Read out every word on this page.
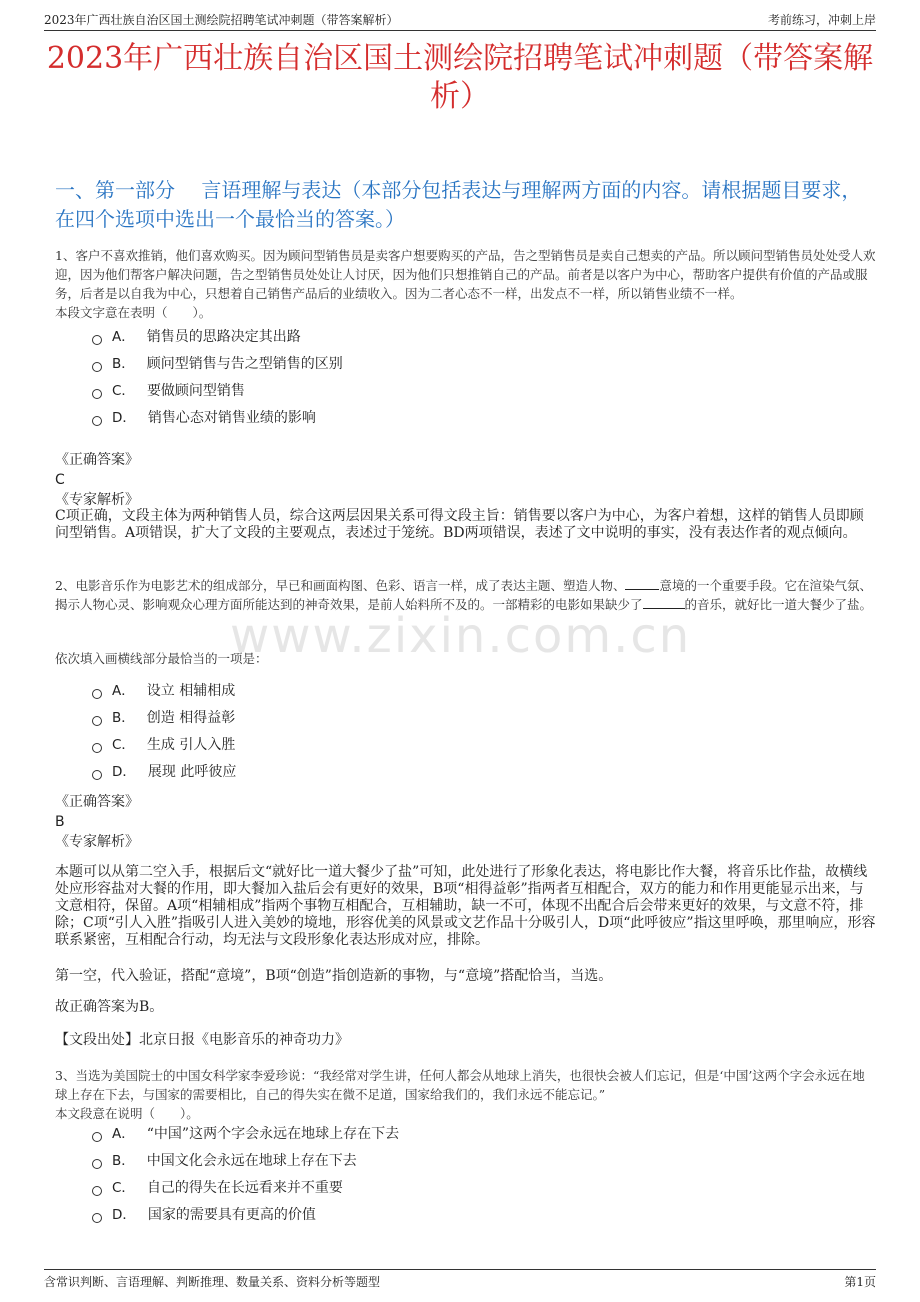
2023年广西壮族自治区国土测绘院招聘笔试冲刺题（带答案解析）	考前练习，冲刺上岸
2023年广西壮族自治区国土测绘院招聘笔试冲刺题（带答案解析）
一、第一部分　 言语理解与表达（本部分包括表达与理解两方面的内容。请根据题目要求，在四个选项中选出一个最恰当的答案。）
www.zixin.com.cn
1、客户不喜欢推销，他们喜欢购买。因为顾问型销售员是卖客户想要购买的产品，告之型销售员是卖自己想卖的产品。所以顾问型销售员处处受人欢迎，因为他们帮客户解决问题，告之型销售员处处让人讨厌，因为他们只想推销自己的产品。前者是以客户为中心，帮助客户提供有价值的产品或服务，后者是以自我为中心，只想着自己销售产品后的业绩收入。因为二者心态不一样，出发点不一样，所以销售业绩不一样。
本段文字意在表明（　　）。
A． 销售员的思路决定其出路
B． 顾问型销售与告之型销售的区别
C． 要做顾问型销售
D． 销售心态对销售业绩的影响
《正确答案》
C
《专家解析》
C项正确，文段主体为两种销售人员，综合这两层因果关系可得文段主旨：销售要以客户为中心，为客户着想，这样的销售人员即顾问型销售。A项错误，扩大了文段的主要观点，表述过于笼统。BD两项错误，表述了文中说明的事实，没有表达作者的观点倾向。
2、电影音乐作为电影艺术的组成部分，早已和画面构图、色彩、语言一样，成了表达主题、塑造人物、	意境的一个重要手段。它在渲染气氛、揭示人物心灵、影响观众心理方面所能达到的神奇效果，是前人始料所不及的。一部精彩的电影如果缺少了	的音乐，就好比一道大餐少了盐。
依次填入画横线部分最恰当的一项是：
A． 设立 相辅相成
B． 创造 相得益彰
C． 生成 引人入胜
D． 展现 此呼彼应
《正确答案》
B
《专家解析》
本题可以从第二空入手，根据后文“就好比一道大餐少了盐”可知，此处进行了形象化表达，将电影比作大餐，将音乐比作盐，故横线处应形容盐对大餐的作用，即大餐加入盐后会有更好的效果，B项“相得益彰”指两者互相配合，双方的能力和作用更能显示出来，与文意相符，保留。A项“相辅相成”指两个事物互相配合，互相辅助，缺一不可，体现不出配合后会带来更好的效果，与文意不符，排除；C项“引人入胜”指吸引人进入美妙的境地，形容优美的风景或文艺作品十分吸引人，D项“此呼彼应”指这里呼唤，那里响应，形容联系紧密，互相配合行动，均无法与文段形象化表达形成对应，排除。
第一空，代入验证，搭配“意境”，B项“创造”指创造新的事物，与“意境”搭配恰当，当选。
故正确答案为B。
【文段出处】北京日报《电影音乐的神奇功力》
3、当选为美国院士的中国女科学家李爱珍说：“我经常对学生讲，任何人都会从地球上消失，也很快会被人们忘记，但是‘中国’这两个字会永远在地球上存在下去，与国家的需要相比，自己的得失实在微不足道，国家给我们的，我们永远不能忘记。”
本文段意在说明（　　）。
A． “中国”这两个字会永远在地球上存在下去
B． 中国文化会永远在地球上存在下去
C． 自己的得失在长远看来并不重要
D． 国家的需要具有更高的价值
含常识判断、言语理解、判断推理、数量关系、资料分析等题型	第1页
